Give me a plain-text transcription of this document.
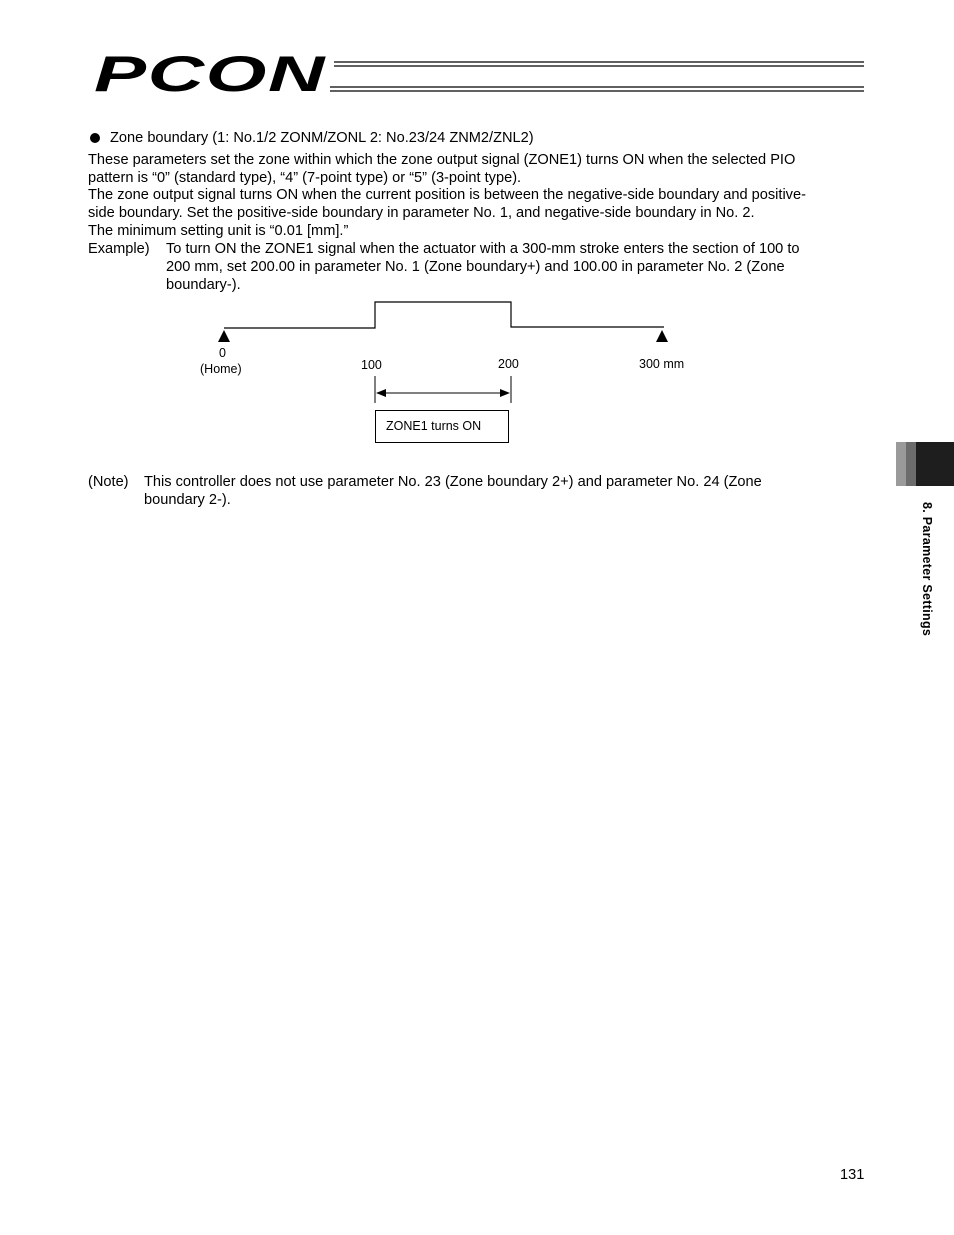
PCON
Zone boundary (1: No.1/2 ZONM/ZONL 2: No.23/24 ZNM2/ZNL2)
These parameters set the zone within which the zone output signal (ZONE1) turns ON when the selected PIO
pattern is “0” (standard type), “4” (7-point type) or “5” (3-point type).
The zone output signal turns ON when the current position is between the negative-side boundary and positive-
side boundary. Set the positive-side boundary in parameter No. 1, and negative-side boundary in No. 2.
The minimum setting unit is “0.01 [mm].”
Example) To turn ON the ZONE1 signal when the actuator with a 300-mm stroke enters the section of 100 to
200 mm, set 200.00 in parameter No. 1 (Zone boundary+) and 100.00 in parameter No. 2 (Zone
boundary-).
0
(Home)	100	200	300 mm
ZONE1 turns ON
(Note) This controller does not use parameter No. 23 (Zone boundary 2+) and parameter No. 24 (Zone
boundary 2-).
8. Parameter Settings
131
